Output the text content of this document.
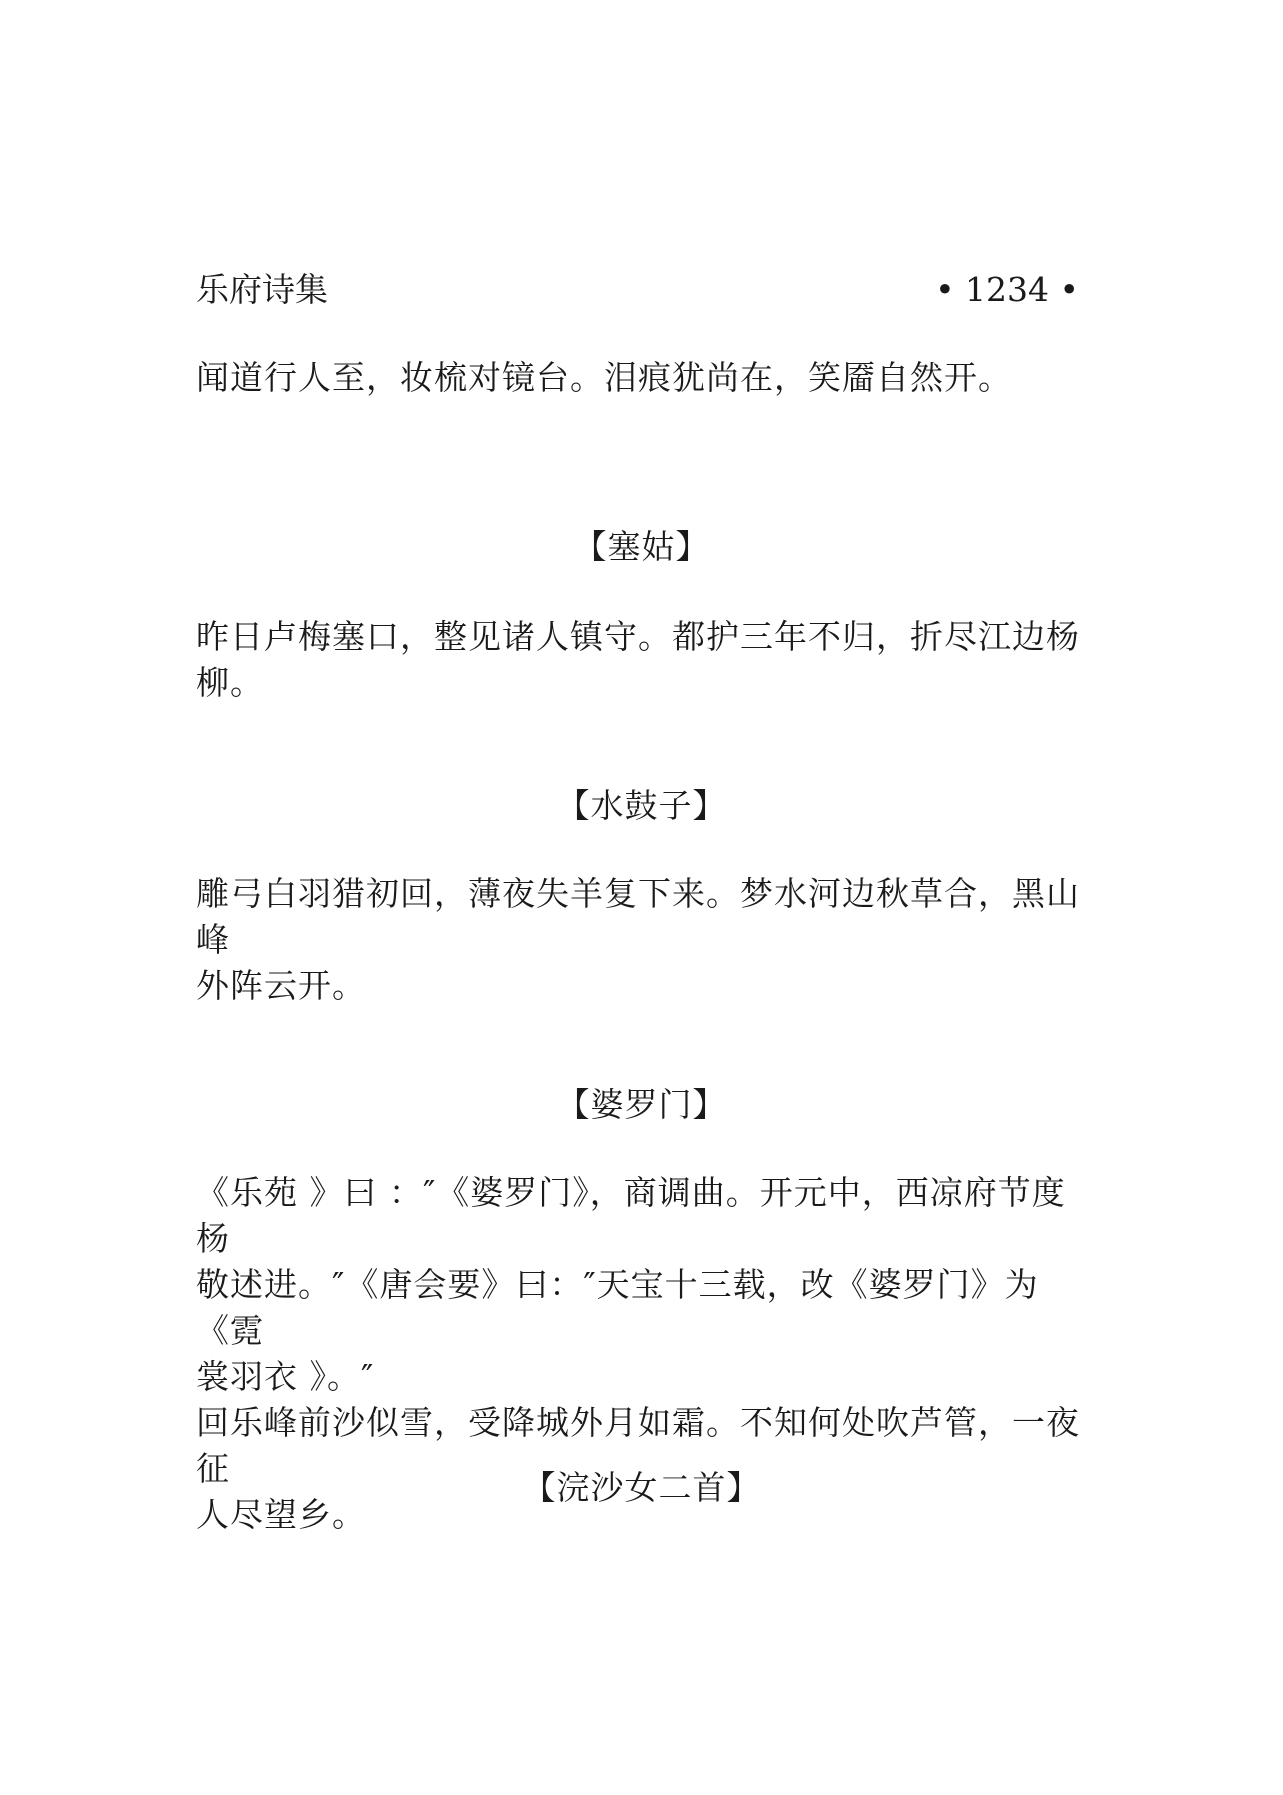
乐府诗集	• 1234 •
闻道行人至，妆梳对镜台。泪痕犹尚在，笑靥自然开。
【塞姑】
昨日卢梅塞口，整见诸人镇守。都护三年不归，折尽江边杨柳。
【水鼓子】
雕弓白羽猎初回，薄夜失羊复下来。梦水河边秋草合，黑山峰
外阵云开。
【婆罗门】
《乐苑 》曰 ：″《婆罗门》，商调曲。开元中，西凉府节度杨
敬述进。″《唐会要》曰：″天宝十三载，改《婆罗门》为《霓
裳羽衣 》。″
回乐峰前沙似雪，受降城外月如霜。不知何处吹芦管，一夜征
人尽望乡。
【浣沙女二首】
